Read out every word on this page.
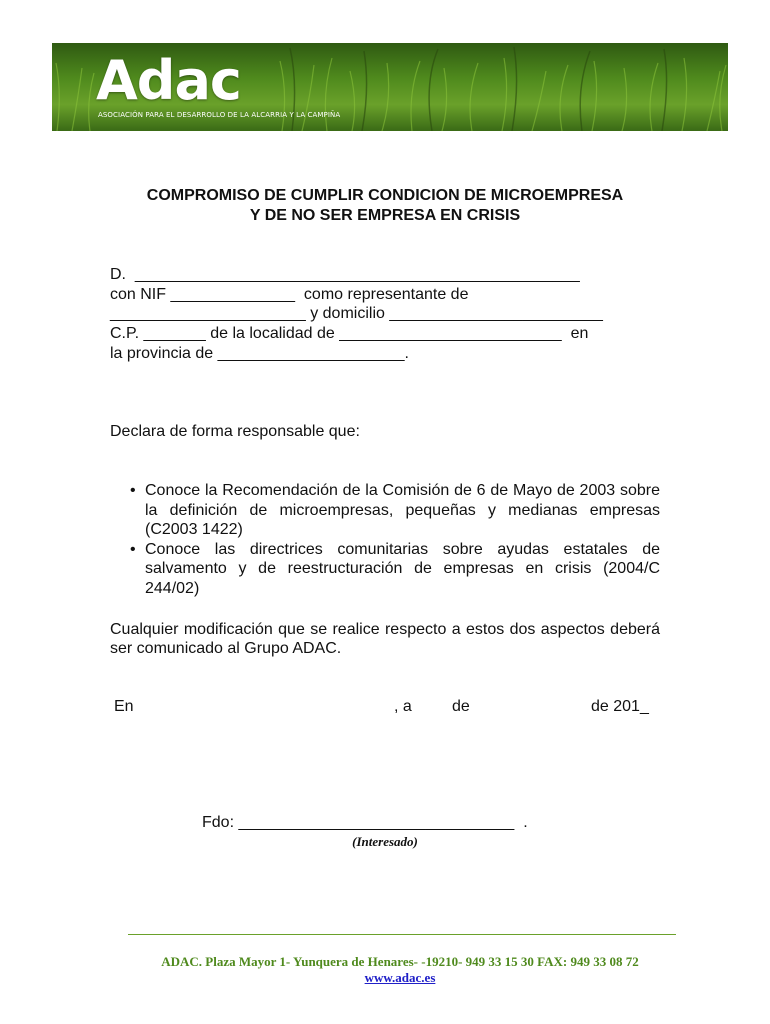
Adac
ASOCIACIÓN PARA EL DESARROLLO DE LA ALCARRIA Y LA CAMPIÑA
COMPROMISO DE CUMPLIR CONDICION DE MICROEMPRESA
Y DE NO SER EMPRESA EN CRISIS
D.  __________________________________________________
con NIF ______________  como representante de
______________________ y domicilio ________________________
C.P. _______ de la localidad de _________________________  en
la provincia de _____________________.
Declara de forma responsable que:
• Conoce la Recomendación de la Comisión de 6 de Mayo de 2003 sobre la definición de microempresas, pequeñas y medianas empresas (C2003 1422)
• Conoce las directrices comunitarias sobre ayudas estatales de salvamento y de reestructuración de empresas en crisis (2004/C 244/02)
Cualquier modificación que se realice respecto a estos dos aspectos deberá ser comunicado al Grupo ADAC.
En	, a	de	de 201_
Fdo: _______________________________  .
(Interesado)
ADAC. Plaza Mayor 1- Yunquera de Henares- -19210- 949 33 15 30 FAX: 949 33 08 72
www.adac.es
